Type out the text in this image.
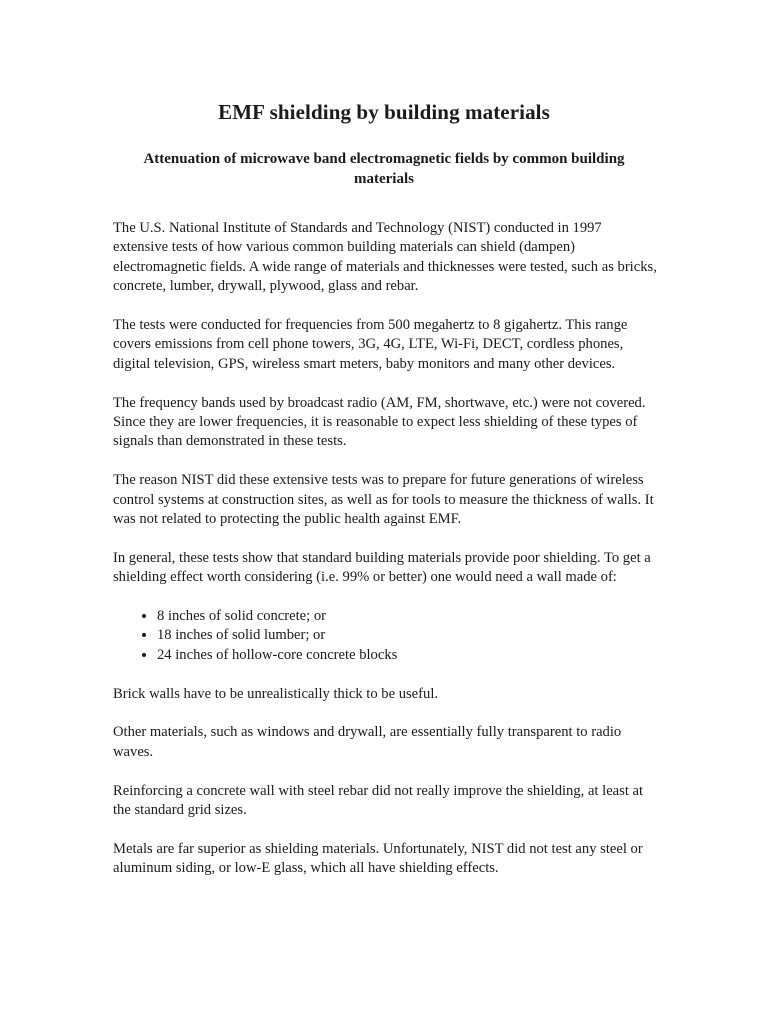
EMF shielding by building materials
Attenuation of microwave band electromagnetic fields by common building materials

The U.S. National Institute of Standards and Technology (NIST) conducted in 1997 extensive tests of how various common building materials can shield (dampen) electromagnetic fields. A wide range of materials and thicknesses were tested, such as bricks, concrete, lumber, drywall, plywood, glass and rebar.

The tests were conducted for frequencies from 500 megahertz to 8 gigahertz. This range covers emissions from cell phone towers, 3G, 4G, LTE, Wi-Fi, DECT, cordless phones, digital television, GPS, wireless smart meters, baby monitors and many other devices.

The frequency bands used by broadcast radio (AM, FM, shortwave, etc.) were not covered. Since they are lower frequencies, it is reasonable to expect less shielding of these types of signals than demonstrated in these tests.

The reason NIST did these extensive tests was to prepare for future generations of wireless control systems at construction sites, as well as for tools to measure the thickness of walls. It was not related to protecting the public health against EMF.

In general, these tests show that standard building materials provide poor shielding. To get a shielding effect worth considering (i.e. 99% or better) one would need a wall made of:

• 8 inches of solid concrete; or
• 18 inches of solid lumber; or
• 24 inches of hollow-core concrete blocks

Brick walls have to be unrealistically thick to be useful.

Other materials, such as windows and drywall, are essentially fully transparent to radio waves.

Reinforcing a concrete wall with steel rebar did not really improve the shielding, at least at the standard grid sizes.

Metals are far superior as shielding materials. Unfortunately, NIST did not test any steel or aluminum siding, or low-E glass, which all have shielding effects.
